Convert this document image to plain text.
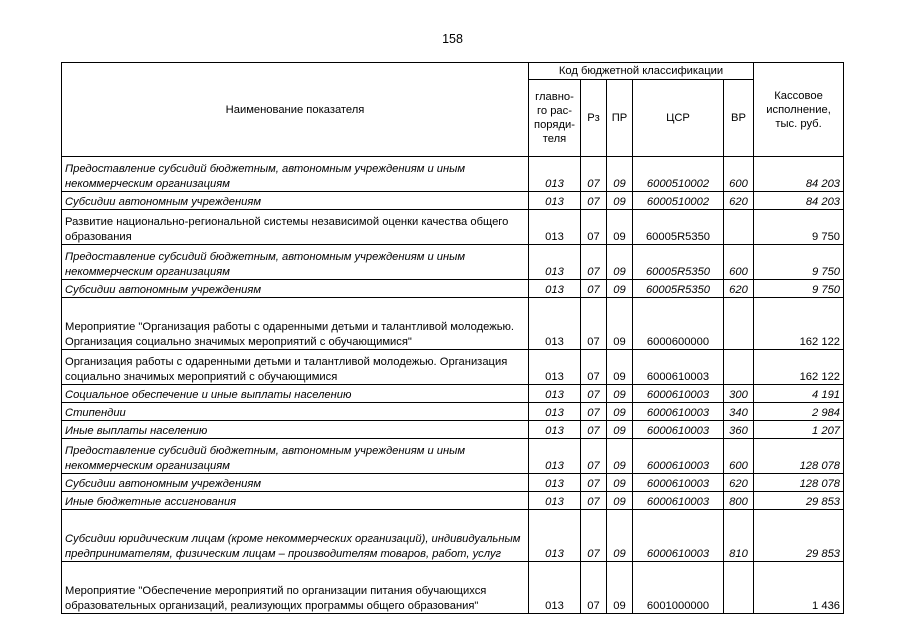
158
Наименование показателя	Код бюджетной классификации					Кассовое исполнение, тыс. руб.
	главно-го рас-поряди-теля	Рз	ПР	ЦСР	ВР	
Предоставление субсидий бюджетным, автономным учреждениям и иным некоммерческим организациям	013	07	09	6000510002	600	84 203
Субсидии автономным учреждениям	013	07	09	6000510002	620	84 203
Развитие национально-региональной системы независимой оценки качества общего образования	013	07	09	60005R5350		9 750
Предоставление субсидий бюджетным, автономным учреждениям и иным некоммерческим организациям	013	07	09	60005R5350	600	9 750
Субсидии автономным учреждениям	013	07	09	60005R5350	620	9 750
Мероприятие "Организация работы с одаренными детьми и талантливой молодежью. Организация социально значимых мероприятий с обучающимися"	013	07	09	6000600000		162 122
Организация работы с одаренными детьми и талантливой молодежью. Организация социально значимых мероприятий с обучающимися	013	07	09	6000610003		162 122
Социальное обеспечение и иные выплаты населению	013	07	09	6000610003	300	4 191
Стипендии	013	07	09	6000610003	340	2 984
Иные выплаты населению	013	07	09	6000610003	360	1 207
Предоставление субсидий бюджетным, автономным учреждениям и иным некоммерческим организациям	013	07	09	6000610003	600	128 078
Субсидии автономным учреждениям	013	07	09	6000610003	620	128 078
Иные бюджетные ассигнования	013	07	09	6000610003	800	29 853
Субсидии юридическим лицам (кроме некоммерческих организаций), индивидуальным предпринимателям, физическим лицам – производителям товаров, работ, услуг	013	07	09	6000610003	810	29 853
Мероприятие "Обеспечение мероприятий по организации питания обучающихся образовательных организаций, реализующих программы общего образования"	013	07	09	6001000000		1 436
